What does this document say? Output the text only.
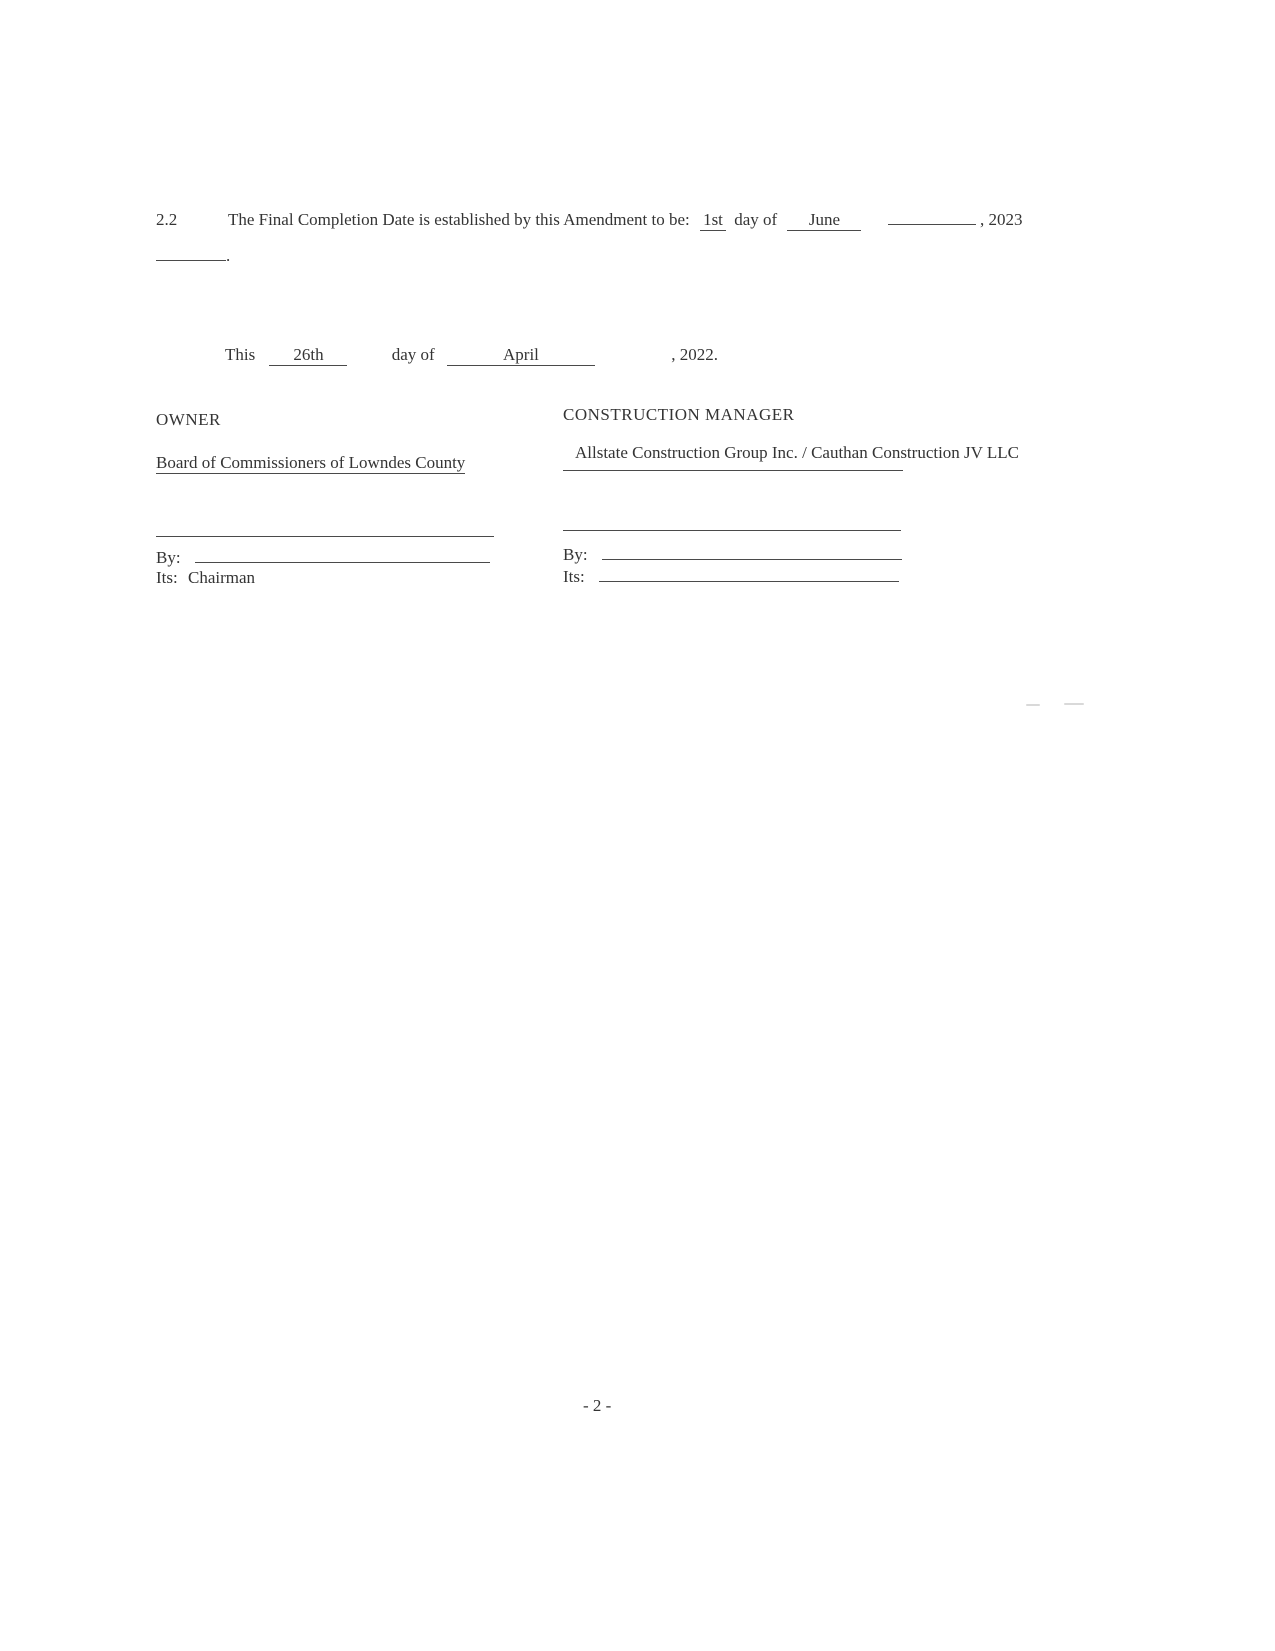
2.2	The Final Completion Date is established by this Amendment to be: 1st day of June	, 2023
.
This 26th	day of	April	, 2022.
OWNER	CONSTRUCTION MANAGER
Board of Commissioners of Lowndes County
Allstate Construction Group Inc. / Cauthan Construction JV LLC
By:
Its: Chairman
By:
Its:
- 2 -
